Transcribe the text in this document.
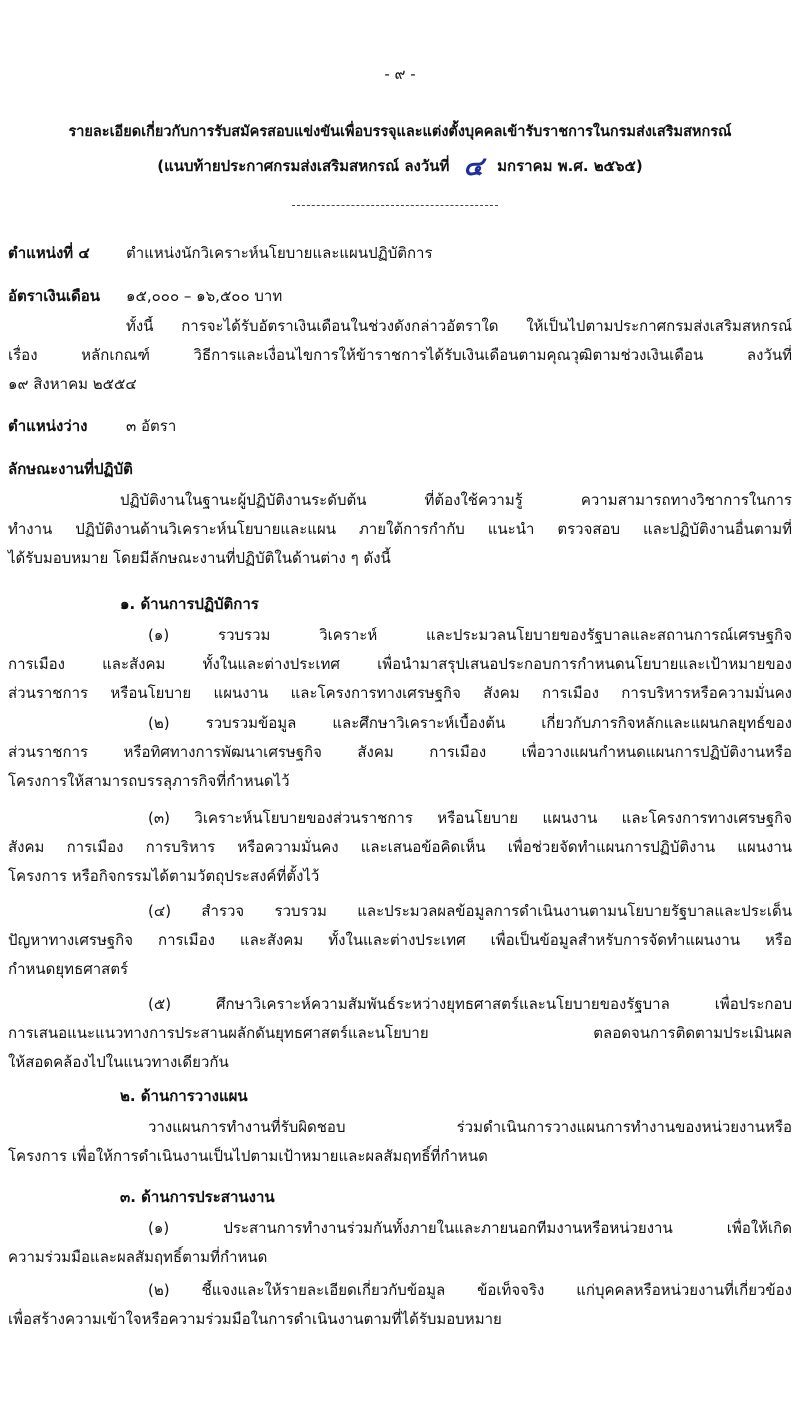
- ๙ -
รายละเอียดเกี่ยวกับการรับสมัครสอบแข่งขันเพื่อบรรจุและแต่งตั้งบุคคลเข้ารับราชการในกรมส่งเสริมสหกรณ์
(แนบท้ายประกาศกรมส่งเสริมสหกรณ์ ลงวันที่ ๔ มกราคม พ.ศ. ๒๕๖๕)
ตำแหน่งที่ ๔ ตำแหน่งนักวิเคราะห์นโยบายและแผนปฏิบัติการ
อัตราเงินเดือน ๑๕,๐๐๐ – ๑๖,๕๐๐ บาท
ทั้งนี้ การจะได้รับอัตราเงินเดือนในช่วงดังกล่าวอัตราใด ให้เป็นไปตามประกาศกรมส่งเสริมสหกรณ์
เรื่อง หลักเกณฑ์ วิธีการและเงื่อนไขการให้ข้าราชการได้รับเงินเดือนตามคุณวุฒิตามช่วงเงินเดือน ลงวันที่
๑๙ สิงหาคม ๒๕๕๔
ตำแหน่งว่าง	๓ อัตรา
ลักษณะงานที่ปฏิบัติ
ปฏิบัติงานในฐานะผู้ปฏิบัติงานระดับต้น ที่ต้องใช้ความรู้ ความสามารถทางวิชาการในการ
ทำงาน ปฏิบัติงานด้านวิเคราะห์นโยบายและแผน ภายใต้การกำกับ แนะนำ ตรวจสอบ และปฏิบัติงานอื่นตามที่
ได้รับมอบหมาย โดยมีลักษณะงานที่ปฏิบัติในด้านต่าง ๆ ดังนี้
๑. ด้านการปฏิบัติการ
(๑) รวบรวม วิเคราะห์ และประมวลนโยบายของรัฐบาลและสถานการณ์เศรษฐกิจ
การเมือง และสังคม ทั้งในและต่างประเทศ เพื่อนำมาสรุปเสนอประกอบการกำหนดนโยบายและเป้าหมายของ
ส่วนราชการ หรือนโยบาย แผนงาน และโครงการทางเศรษฐกิจ สังคม การเมือง การบริหารหรือความมั่นคง
(๒) รวบรวมข้อมูล และศึกษาวิเคราะห์เบื้องต้น เกี่ยวกับภารกิจหลักและแผนกลยุทธ์ของ
ส่วนราชการ หรือทิศทางการพัฒนาเศรษฐกิจ สังคม การเมือง เพื่อวางแผนกำหนดแผนการปฏิบัติงานหรือ
โครงการให้สามารถบรรลุภารกิจที่กำหนดไว้
(๓) วิเคราะห์นโยบายของส่วนราชการ หรือนโยบาย แผนงาน และโครงการทางเศรษฐกิจ
สังคม การเมือง การบริหาร หรือความมั่นคง และเสนอข้อคิดเห็น เพื่อช่วยจัดทำแผนการปฏิบัติงาน แผนงาน
โครงการ หรือกิจกรรมได้ตามวัตถุประสงค์ที่ตั้งไว้
(๔) สำรวจ รวบรวม และประมวลผลข้อมูลการดำเนินงานตามนโยบายรัฐบาลและประเด็น
ปัญหาทางเศรษฐกิจ การเมือง และสังคม ทั้งในและต่างประเทศ เพื่อเป็นข้อมูลสำหรับการจัดทำแผนงาน หรือ
กำหนดยุทธศาสตร์
(๕) ศึกษาวิเคราะห์ความสัมพันธ์ระหว่างยุทธศาสตร์และนโยบายของรัฐบาล เพื่อประกอบ
การเสนอแนะแนวทางการประสานผลักดันยุทธศาสตร์และนโยบาย ตลอดจนการติดตามประเมินผล
ให้สอดคล้องไปในแนวทางเดียวกัน
๒. ด้านการวางแผน
วางแผนการทำงานที่รับผิดชอบ ร่วมดำเนินการวางแผนการทำงานของหน่วยงานหรือ
โครงการ เพื่อให้การดำเนินงานเป็นไปตามเป้าหมายและผลสัมฤทธิ์ที่กำหนด
๓. ด้านการประสานงาน
(๑) ประสานการทำงานร่วมกันทั้งภายในและภายนอกทีมงานหรือหน่วยงาน เพื่อให้เกิด
ความร่วมมือและผลสัมฤทธิ์ตามที่กำหนด
(๒) ชี้แจงและให้รายละเอียดเกี่ยวกับข้อมูล ข้อเท็จจริง แก่บุคคลหรือหน่วยงานที่เกี่ยวข้อง
เพื่อสร้างความเข้าใจหรือความร่วมมือในการดำเนินงานตามที่ได้รับมอบหมาย
